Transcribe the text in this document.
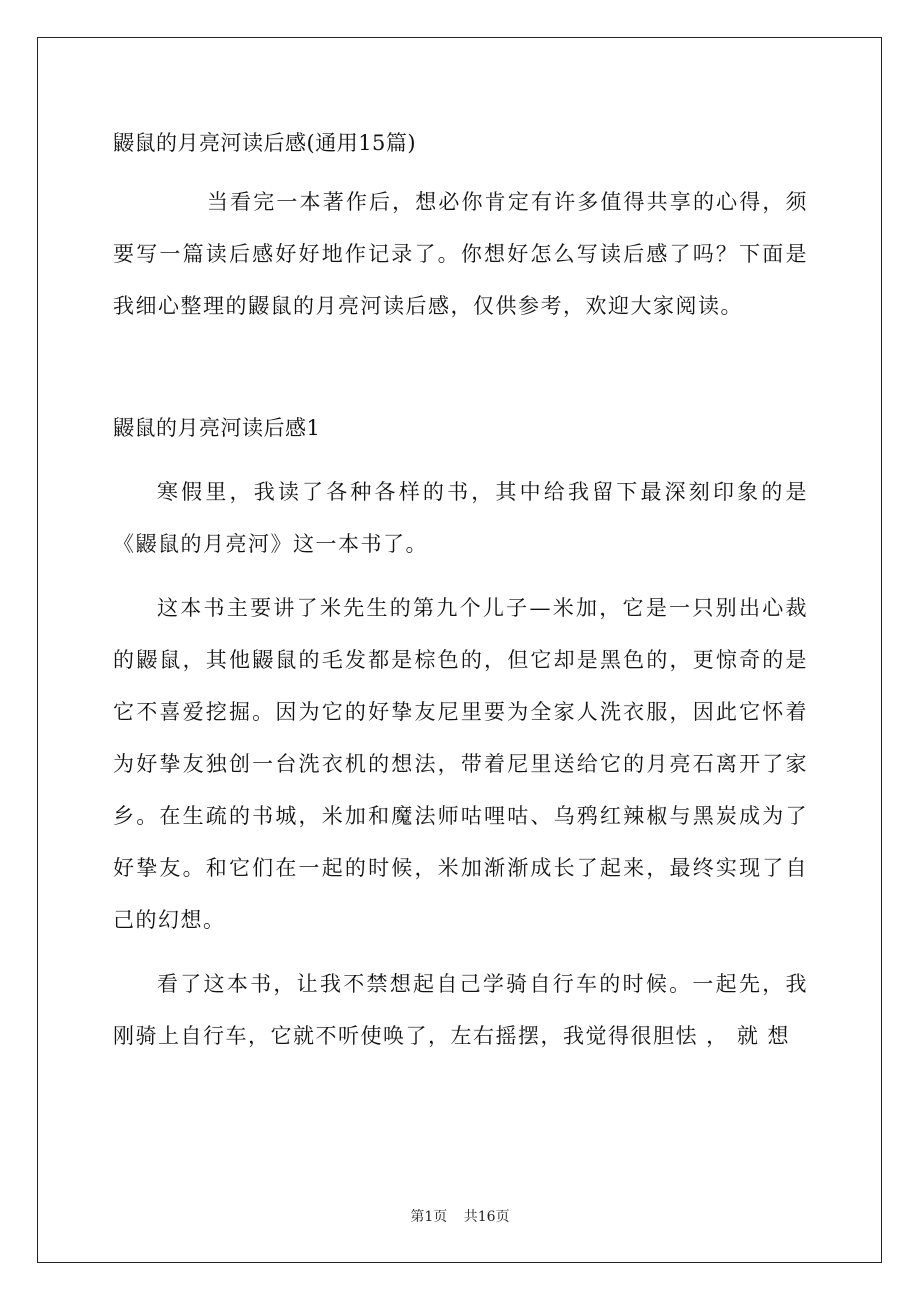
鼹鼠的月亮河读后感(通用15篇)

当看完一本著作后，想必你肯定有许多值得共享的心得，须要写一篇读后感好好地作记录了。你想好怎么写读后感了吗？下面是我细心整理的鼹鼠的月亮河读后感，仅供参考，欢迎大家阅读。

鼹鼠的月亮河读后感1

寒假里，我读了各种各样的书，其中给我留下最深刻印象的是《鼹鼠的月亮河》这一本书了。

这本书主要讲了米先生的第九个儿子—米加，它是一只别出心裁的鼹鼠，其他鼹鼠的毛发都是棕色的，但它却是黑色的，更惊奇的是它不喜爱挖掘。因为它的好挚友尼里要为全家人洗衣服，因此它怀着为好挚友独创一台洗衣机的想法，带着尼里送给它的月亮石离开了家乡。在生疏的书城，米加和魔法师咕哩咕、乌鸦红辣椒与黑炭成为了好挚友。和它们在一起的时候，米加渐渐成长了起来，最终实现了自己的幻想。

看了这本书，让我不禁想起自己学骑自行车的时候。一起先，我刚骑上自行车，它就不听使唤了，左右摇摆，我觉得很胆怯 ， 就 想

第1页 共16页
